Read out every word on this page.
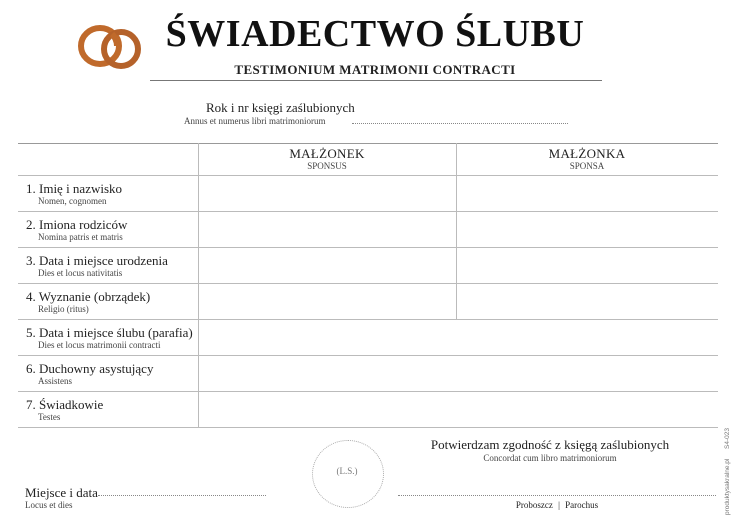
ŚWIADECTWO ŚLUBU
TESTIMONIUM MATRIMONII CONTRACTI
Rok i nr księgi zaślubionych
Annus et numerus libri matrimoniorum
MAŁŻONEK
SPONSUS
MAŁŻONKA
SPONSA
1. Imię i nazwisko
Nomen, cognomen
2. Imiona rodziców
Nomina patris et matris
3. Data i miejsce urodzenia
Dies et locus nativitatis
4. Wyznanie (obrządek)
Religio (ritus)
5. Data i miejsce ślubu (parafia)
Dies et locus matrimonii contracti
6. Duchowny asystujący
Assistens
7. Świadkowie
Testes
(L.S.)
Potwierdzam zgodność z księgą zaślubionych
Concordat cum libro matrimoniorum
Miejsce i data
Locus et dies	Proboszcz | Parochus	produktysakralne.pl
S4-023
